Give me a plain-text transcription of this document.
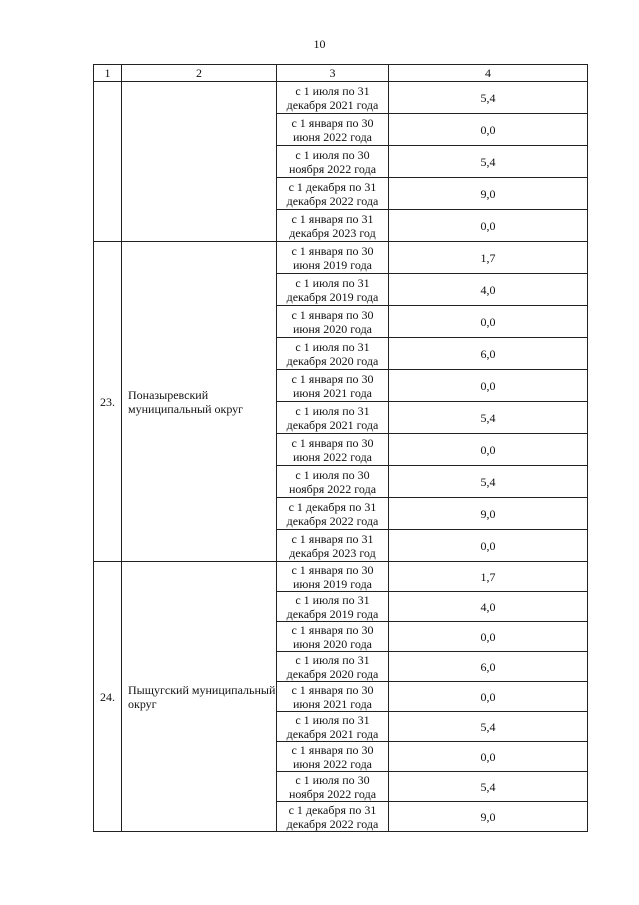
10
1	2	3	4
		с 1 июля по 31 декабря 2021 года	5,4
		с 1 января по 30 июня 2022 года	0,0
		с 1 июля по 30 ноября 2022 года	5,4
		с 1 декабря по 31 декабря 2022 года	9,0
		с 1 января по 31 декабря 2023 год	0,0
23.	Поназыревский муниципальный округ	с 1 января по 30 июня 2019 года	1,7
		с 1 июля по 31 декабря 2019 года	4,0
		с 1 января по 30 июня 2020 года	0,0
		с 1 июля по 31 декабря 2020 года	6,0
		с 1 января по 30 июня 2021 года	0,0
		с 1 июля по 31 декабря 2021 года	5,4
		с 1 января по 30 июня 2022 года	0,0
		с 1 июля по 30 ноября 2022 года	5,4
		с 1 декабря по 31 декабря 2022 года	9,0
		с 1 января по 31 декабря 2023 год	0,0
24.	Пыщугский муниципальный округ	с 1 января по 30 июня 2019 года	1,7
		с 1 июля по 31 декабря 2019 года	4,0
		с 1 января по 30 июня 2020 года	0,0
		с 1 июля по 31 декабря 2020 года	6,0
		с 1 января по 30 июня 2021 года	0,0
		с 1 июля по 31 декабря 2021 года	5,4
		с 1 января по 30 июня 2022 года	0,0
		с 1 июля по 30 ноября 2022 года	5,4
		с 1 декабря по 31 декабря 2022 года	9,0
